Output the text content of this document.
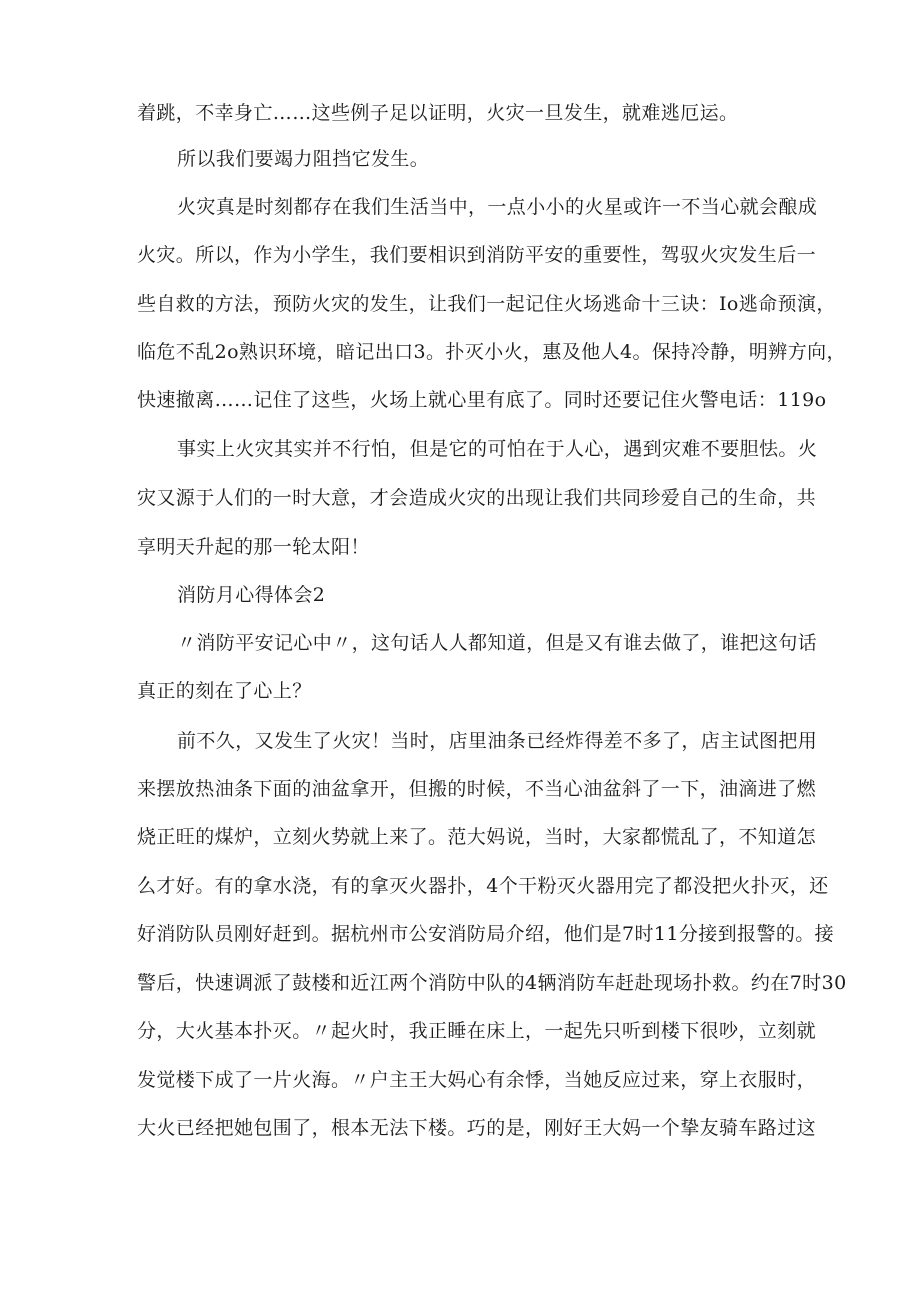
着跳，不幸身亡……这些例子足以证明，火灾一旦发生，就难逃厄运。
所以我们要竭力阻挡它发生。
火灾真是时刻都存在我们生活当中，一点小小的火星或许一不当心就会酿成
火灾。所以，作为小学生，我们要相识到消防平安的重要性，驾驭火灾发生后一
些自救的方法，预防火灾的发生，让我们一起记住火场逃命十三诀：Io逃命预演，
临危不乱2o熟识环境，暗记出口3。扑灭小火，惠及他人4。保持冷静，明辨方向，
快速撤离……记住了这些，火场上就心里有底了。同时还要记住火警电话：119o
事实上火灾其实并不行怕，但是它的可怕在于人心，遇到灾难不要胆怯。火
灾又源于人们的一时大意，才会造成火灾的出现让我们共同珍爱自己的生命，共
享明天升起的那一轮太阳！
消防月心得体会2
〃消防平安记心中〃，这句话人人都知道，但是又有谁去做了，谁把这句话
真正的刻在了心上？
前不久，又发生了火灾！当时，店里油条已经炸得差不多了，店主试图把用
来摆放热油条下面的油盆拿开，但搬的时候，不当心油盆斜了一下，油滴进了燃
烧正旺的煤炉，立刻火势就上来了。范大妈说，当时，大家都慌乱了，不知道怎
么才好。有的拿水浇，有的拿灭火器扑，4个干粉灭火器用完了都没把火扑灭，还
好消防队员刚好赶到。据杭州市公安消防局介绍，他们是7时11分接到报警的。接
警后，快速调派了鼓楼和近江两个消防中队的4辆消防车赶赴现场扑救。约在7时30
分，大火基本扑灭。〃起火时，我正睡在床上，一起先只听到楼下很吵，立刻就
发觉楼下成了一片火海。〃户主王大妈心有余悸，当她反应过来，穿上衣服时，
大火已经把她包围了，根本无法下楼。巧的是，刚好王大妈一个挚友骑车路过这
